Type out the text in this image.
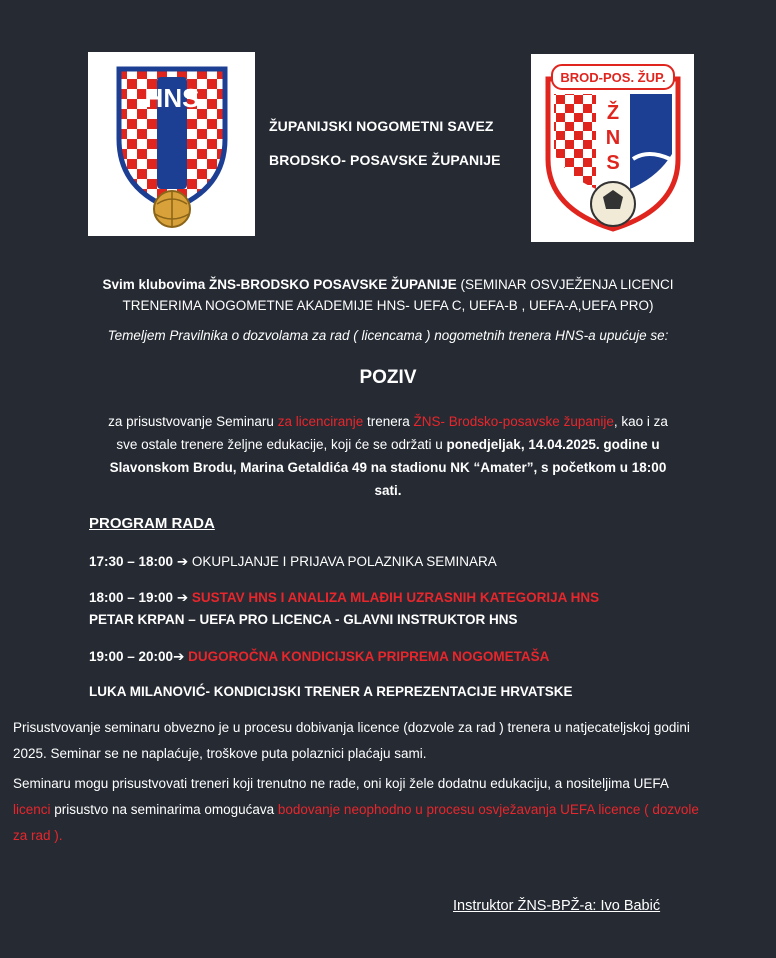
HNS
ŽUPANIJSKI NOGOMETNI SAVEZ
BRODSKO- POSAVSKE ŽUPANIJE
BROD-POS. ŽUP.
Ž
N
S
Svim klubovima ŽNS-BRODSKO POSAVSKE ŽUPANIJE (SEMINAR OSVJEŽENJA LICENCI
TRENERIMA NOGOMETNE AKADEMIJE HNS- UEFA C, UEFA-B , UEFA-A,UEFA PRO)
Temeljem Pravilnika o dozvolama za rad ( licencama ) nogometnih trenera HNS-a upućuje se:
POZIV
za prisustvovanje Seminaru za licenciranje trenera ŽNS- Brodsko-posavske županije, kao i za
sve ostale trenere željne edukacije, koji će se održati u ponedjeljak, 14.04.2025. godine u
Slavonskom Brodu, Marina Getaldića 49 na stadionu NK “Amater”, s početkom u 18:00
sati.
PROGRAM RADA
17:30 – 18:00 ➔ OKUPLJANJE I PRIJAVA POLAZNIKA SEMINARA
18:00 – 19:00 ➔ SUSTAV HNS I ANALIZA MLAĐIH UZRASNIH KATEGORIJA HNS
PETAR KRPAN – UEFA PRO LICENCA - GLAVNI INSTRUKTOR HNS
19:00 – 20:00➔ DUGOROČNA KONDICIJSKA PRIPREMA NOGOMETAŠA
LUKA MILANOVIĆ- KONDICIJSKI TRENER A REPREZENTACIJE HRVATSKE
Prisustvovanje seminaru obvezno je u procesu dobivanja licence (dozvole za rad ) trenera u natjecateljskoj godini
2025. Seminar se ne naplaćuje, troškove puta polaznici plaćaju sami.
Seminaru mogu prisustvovati treneri koji trenutno ne rade, oni koji žele dodatnu edukaciju, a nositeljima UEFA
licenci prisustvo na seminarima omogućava bodovanje neophodno u procesu osvježavanja UEFA licence ( dozvole
za rad ).
Instruktor ŽNS-BPŽ-a: Ivo Babić
